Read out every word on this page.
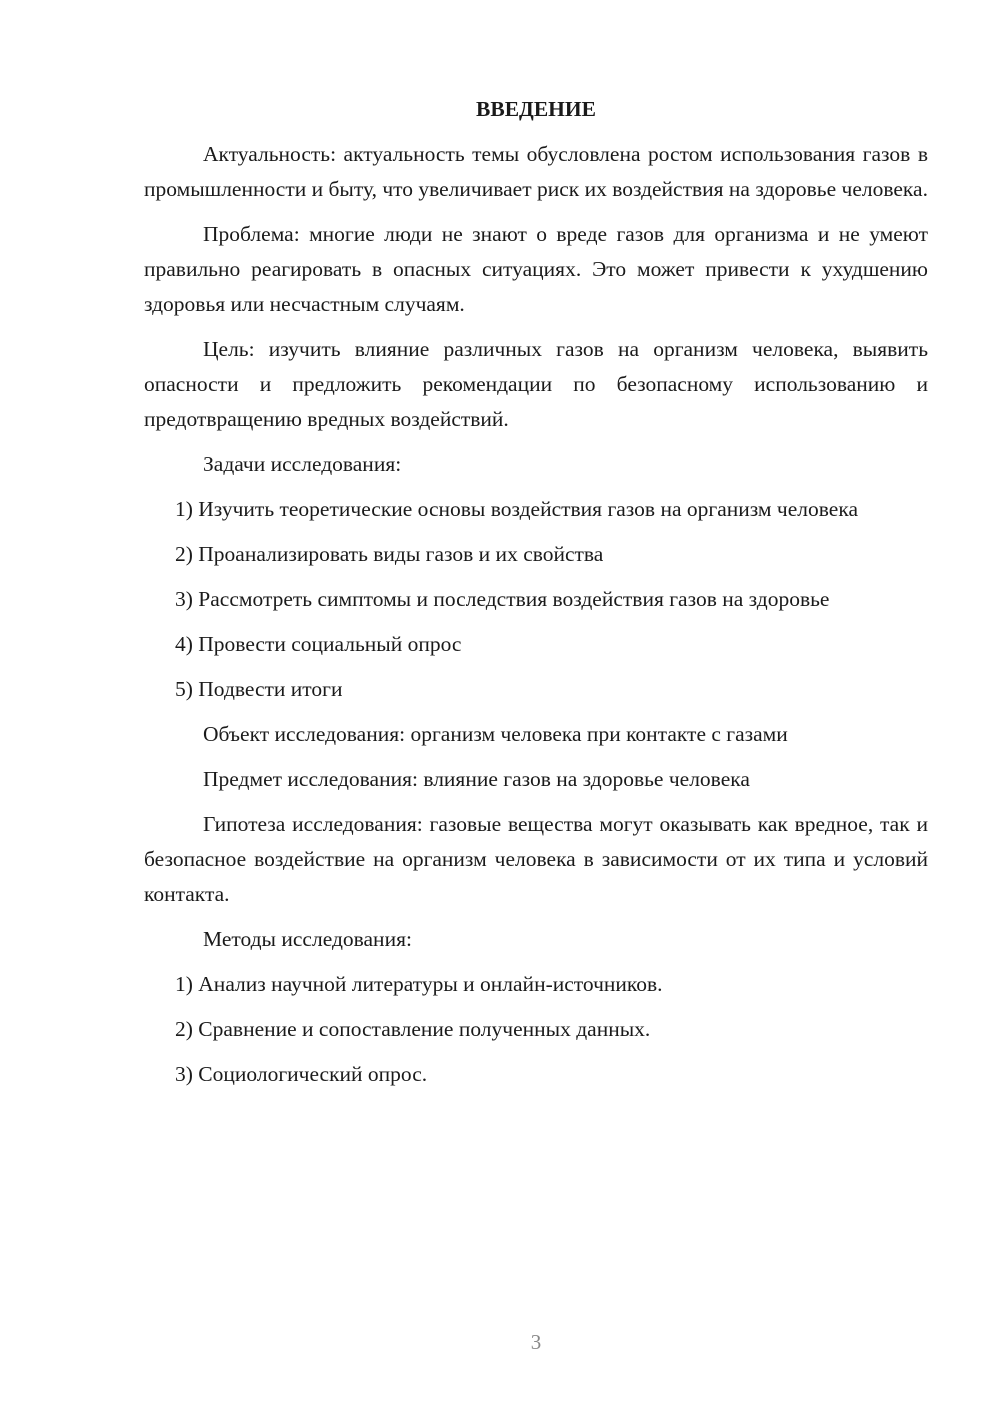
ВВЕДЕНИЕ

Актуальность: актуальность темы обусловлена ростом использования газов в промышленности и быту, что увеличивает риск их воздействия на здоровье человека.

Проблема: многие люди не знают о вреде газов для организма и не умеют правильно реагировать в опасных ситуациях. Это может привести к ухудшению здоровья или несчастным случаям.

Цель: изучить влияние различных газов на организм человека, выявить опасности и предложить рекомендации по безопасному использованию и предотвращению вредных воздействий.

Задачи исследования:

1) Изучить теоретические основы воздействия газов на организм человека

2) Проанализировать виды газов и их свойства

3) Рассмотреть симптомы и последствия воздействия газов на здоровье

4) Провести социальный опрос

5) Подвести итоги

Объект исследования: организм человека при контакте с газами

Предмет исследования: влияние газов на здоровье человека

Гипотеза исследования: газовые вещества могут оказывать как вредное, так и безопасное воздействие на организм человека в зависимости от их типа и условий контакта.

Методы исследования:

1) Анализ научной литературы и онлайн-источников.

2) Сравнение и сопоставление полученных данных.

3) Социологический опрос.

3
